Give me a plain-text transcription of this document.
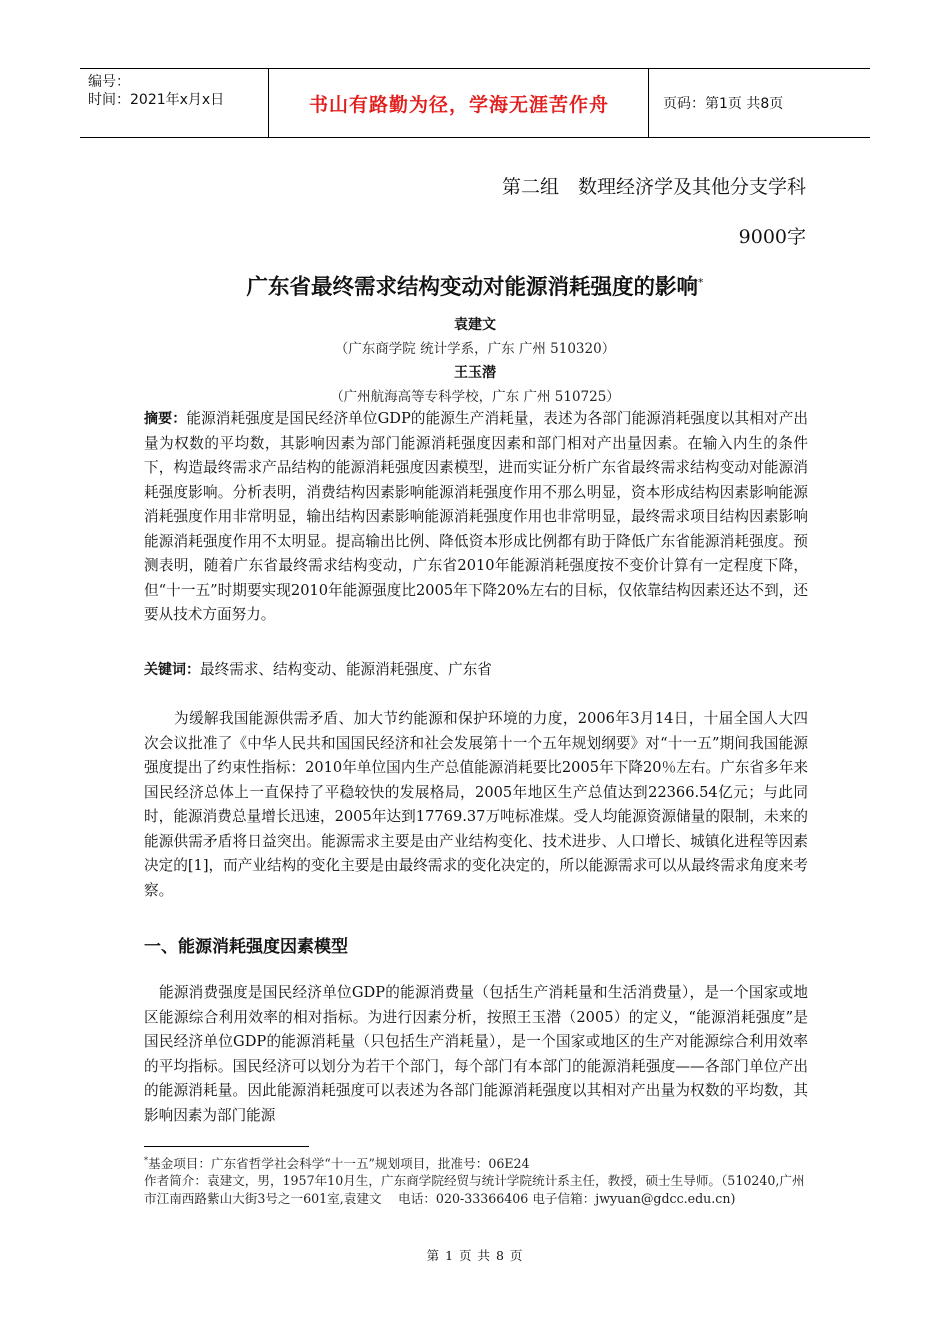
编号：
时间：2021年x月x日	书山有路勤为径，学海无涯苦作舟	页码：第1页 共8页
第二组　数理经济学及其他分支学科
9000字
广东省最终需求结构变动对能源消耗强度的影响*
袁建文
（广东商学院 统计学系，广东 广州 510320）
王玉潜
（广州航海高等专科学校，广东 广州 510725）
摘要：能源消耗强度是国民经济单位GDP的能源生产消耗量，表述为各部门能源消耗强度以其相对产出量为权数的平均数，其影响因素为部门能源消耗强度因素和部门相对产出量因素。在输入内生的条件下，构造最终需求产品结构的能源消耗强度因素模型，进而实证分析广东省最终需求结构变动对能源消耗强度影响。分析表明，消费结构因素影响能源消耗强度作用不那么明显，资本形成结构因素影响能源消耗强度作用非常明显，输出结构因素影响能源消耗强度作用也非常明显，最终需求项目结构因素影响能源消耗强度作用不太明显。提高输出比例、降低资本形成比例都有助于降低广东省能源消耗强度。预测表明，随着广东省最终需求结构变动，广东省2010年能源消耗强度按不变价计算有一定程度下降，但“十一五”时期要实现2010年能源强度比2005年下降20%左右的目标，仅依靠结构因素还达不到，还要从技术方面努力。
关键词：最终需求、结构变动、能源消耗强度、广东省
为缓解我国能源供需矛盾、加大节约能源和保护环境的力度，2006年3月14日，十届全国人大四次会议批准了《中华人民共和国国民经济和社会发展第十一个五年规划纲要》对“十一五”期间我国能源强度提出了约束性指标：2010年单位国内生产总值能源消耗要比2005年下降20％左右。广东省多年来国民经济总体上一直保持了平稳较快的发展格局，2005年地区生产总值达到22366.54亿元；与此同时，能源消费总量增长迅速，2005年达到17769.37万吨标准煤。受人均能源资源储量的限制，未来的能源供需矛盾将日益突出。能源需求主要是由产业结构变化、技术进步、人口增长、城镇化进程等因素决定的[1]，而产业结构的变化主要是由最终需求的变化决定的，所以能源需求可以从最终需求角度来考察。
一、能源消耗强度因素模型
能源消费强度是国民经济单位GDP的能源消费量（包括生产消耗量和生活消费量），是一个国家或地区能源综合利用效率的相对指标。为进行因素分析，按照王玉潜（2005）的定义，“能源消耗强度”是国民经济单位GDP的能源消耗量（只包括生产消耗量），是一个国家或地区的生产对能源综合利用效率的平均指标。国民经济可以划分为若干个部门，每个部门有本部门的能源消耗强度——各部门单位产出的能源消耗量。因此能源消耗强度可以表述为各部门能源消耗强度以其相对产出量为权数的平均数，其影响因素为部门能源
*基金项目：广东省哲学社会科学“十一五”规划项目，批准号：06E24
作者简介：袁建文，男，1957年10月生，广东商学院经贸与统计学院统计系主任，教授，硕士生导师。（510240,广州市江南西路紫山大街3号之一601室,袁建文　 电话：020-33366406 电子信箱：jwyuan@gdcc.edu.cn)
第 1 页 共 8 页
